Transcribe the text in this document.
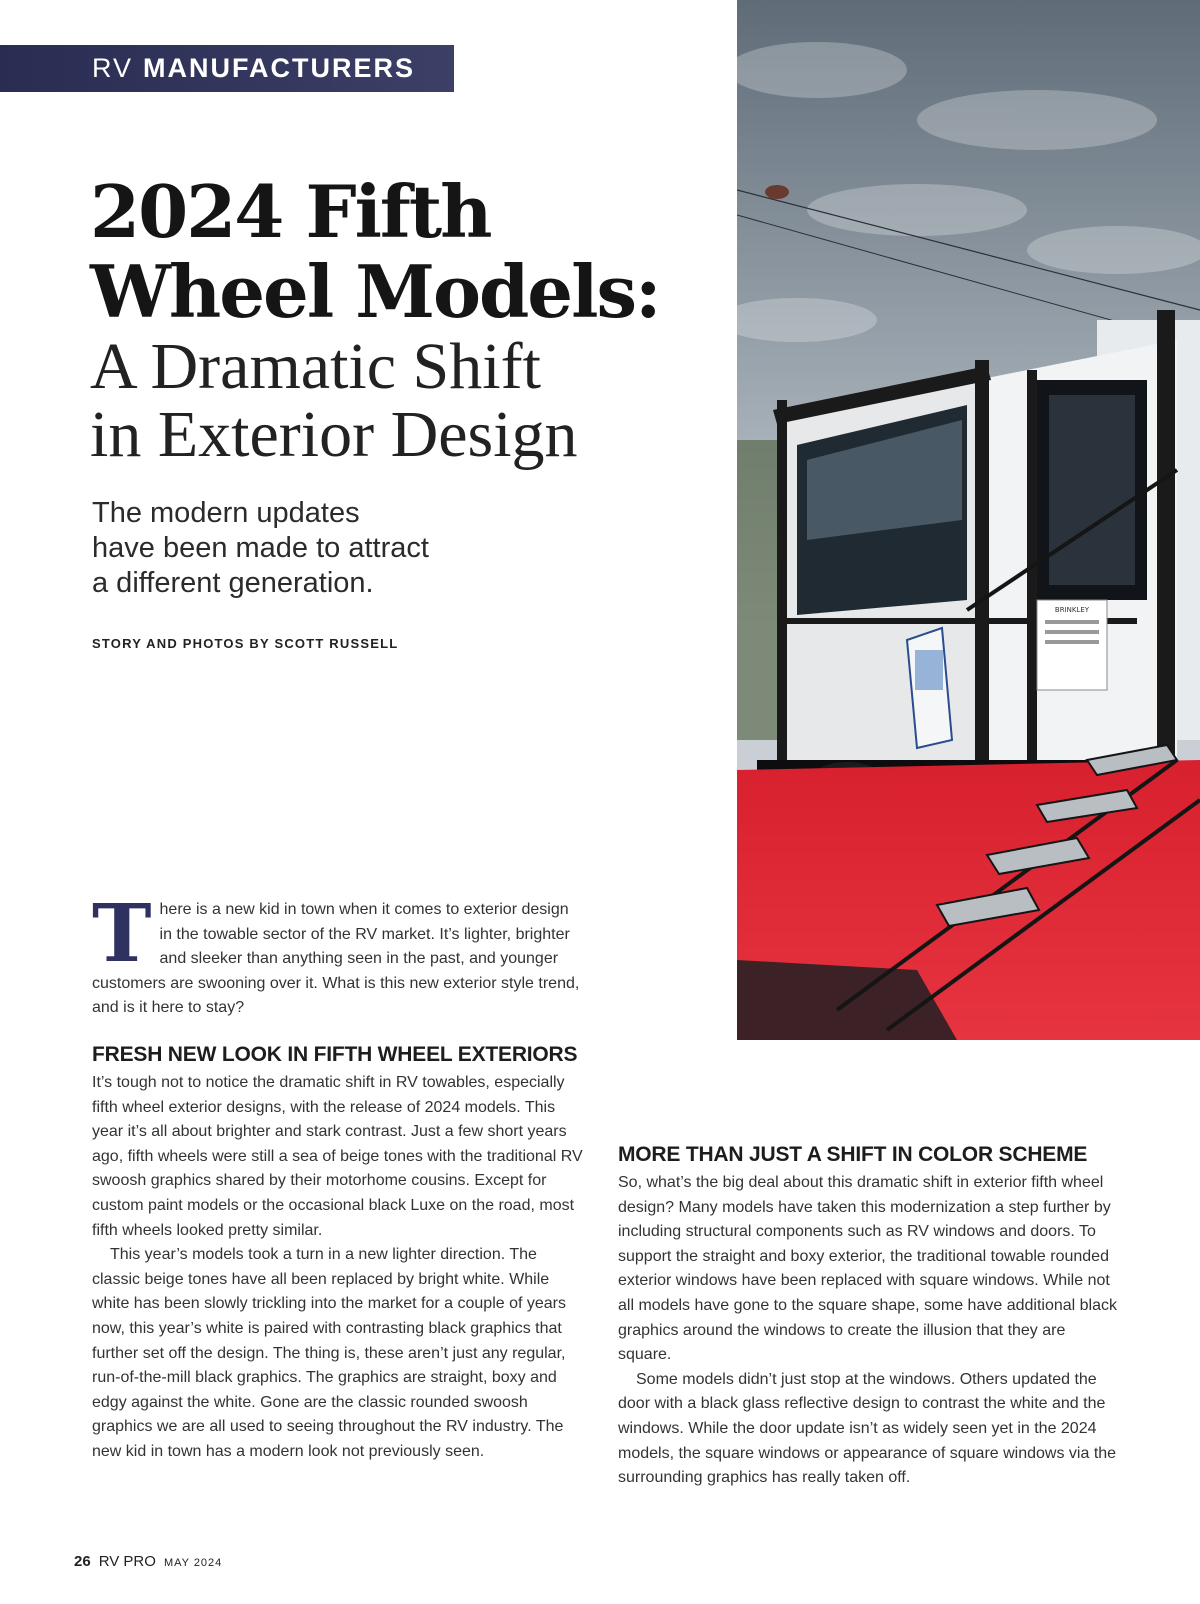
RV MANUFACTURERS
2024 Fifth
Wheel Models:
A Dramatic Shift
in Exterior Design
The modern updates
have been made to attract
a different generation.
STORY AND PHOTOS BY SCOTT RUSSELL
BRINKLEY
T here is a new kid in town when it comes to exterior design in the towable sector of the RV market. It’s lighter, brighter and sleeker than anything seen in the past, and younger customers are swooning over it. What is this new exterior style trend, and is it here to stay?
FRESH NEW LOOK IN FIFTH WHEEL EXTERIORS

It’s tough not to notice the dramatic shift in RV towables, especially fifth wheel exterior designs, with the release of 2024 models. This year it’s all about brighter and stark contrast. Just a few short years ago, fifth wheels were still a sea of beige tones with the traditional RV swoosh graphics shared by their motorhome cousins. Except for custom paint models or the occasional black Luxe on the road, most fifth wheels looked pretty similar.

This year’s models took a turn in a new lighter direction. The classic beige tones have all been replaced by bright white. While white has been slowly trickling into the market for a couple of years now, this year’s white is paired with contrasting black graphics that further set off the design. The thing is, these aren’t just any regular, run-of-the-mill black graphics. The graphics are straight, boxy and edgy against the white. Gone are the classic rounded swoosh graphics we are all used to seeing throughout the RV industry. The new kid in town has a modern look not previously seen.

MORE THAN JUST A SHIFT IN COLOR SCHEME

So, what’s the big deal about this dramatic shift in exterior fifth wheel design? Many models have taken this modernization a step further by including structural components such as RV windows and doors. To support the straight and boxy exterior, the traditional towable rounded exterior windows have been replaced with square windows. While not all models have gone to the square shape, some have additional black graphics around the windows to create the illusion that they are square.

Some models didn’t just stop at the windows. Others updated the door with a black glass reflective design to contrast the white and the windows. While the door update isn’t as widely seen yet in the 2024 models, the square windows or appearance of square windows via the surrounding graphics has really taken off.

26 RV PRO MAY 2024
